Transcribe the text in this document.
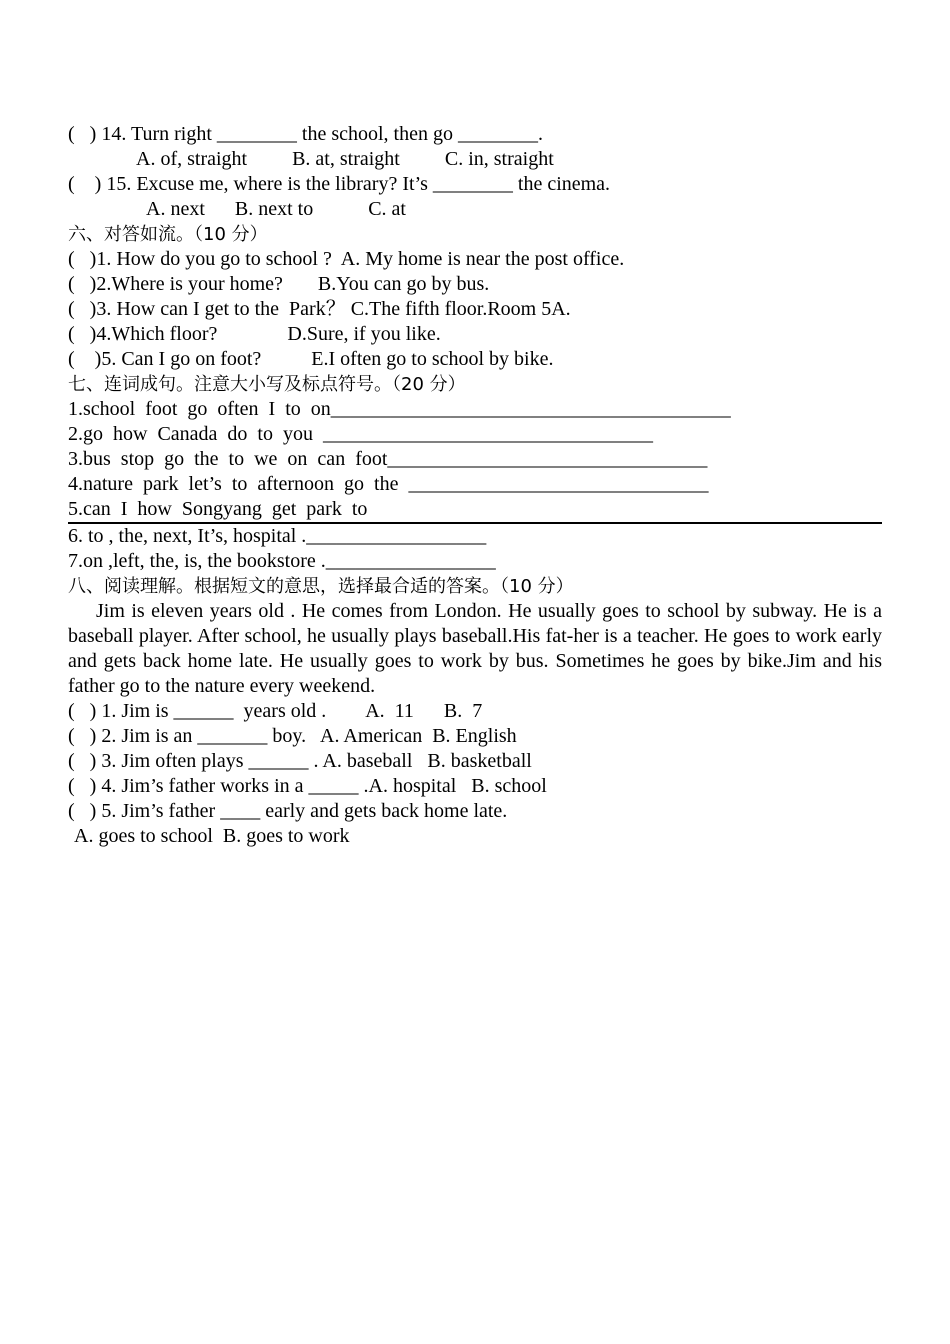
(   ) 14. Turn right ________ the school, then go ________.
A. of, straight         B. at, straight         C. in, straight
(    ) 15. Excuse me, where is the library? It’s ________ the cinema.
A. next      B. next to           C. at
六、对答如流。（10 分）
(   )1. How do you go to school ?  A. My home is near the post office.
(   )2.Where is your home?       B.You can go by bus.
(   )3. How can I get to the  Park？ C.The fifth floor.Room 5A.
(   )4.Which floor?              D.Sure, if you like.
(    )5. Can I go on foot?          E.I often go to school by bike.
七、连词成句。注意大小写及标点符号。（20 分）
1.school  foot  go  often  I  to  on________________________________________
2.go  how  Canada  do  to  you  _________________________________
3.bus  stop  go  the  to  we  on  can  foot________________________________
4.nature  park  let’s  to  afternoon  go  the  ______________________________
5.can  I  how  Songyang  get  park  to
6. to , the, next, It’s, hospital .__________________
7.on ,left, the, is, the bookstore ._________________
八、阅读理解。根据短文的意思，选择最合适的答案。（10 分）
Jim is eleven years old . He comes from London. He usually goes to school by subway. He is a baseball player. After school, he usually plays baseball.His fat-her is a teacher. He goes to work early and gets back home late. He usually goes to work by bus. Sometimes he goes by bike.Jim and his father go to the nature every weekend.
(   ) 1. Jim is ______  years old .        A.  11      B.  7
(   ) 2. Jim is an _______ boy.   A. American  B. English
(   ) 3. Jim often plays ______ . A. baseball   B. basketball
(   ) 4. Jim’s father works in a _____ .A. hospital   B. school
(   ) 5. Jim’s father ____ early and gets back home late.
A. goes to school  B. goes to work
